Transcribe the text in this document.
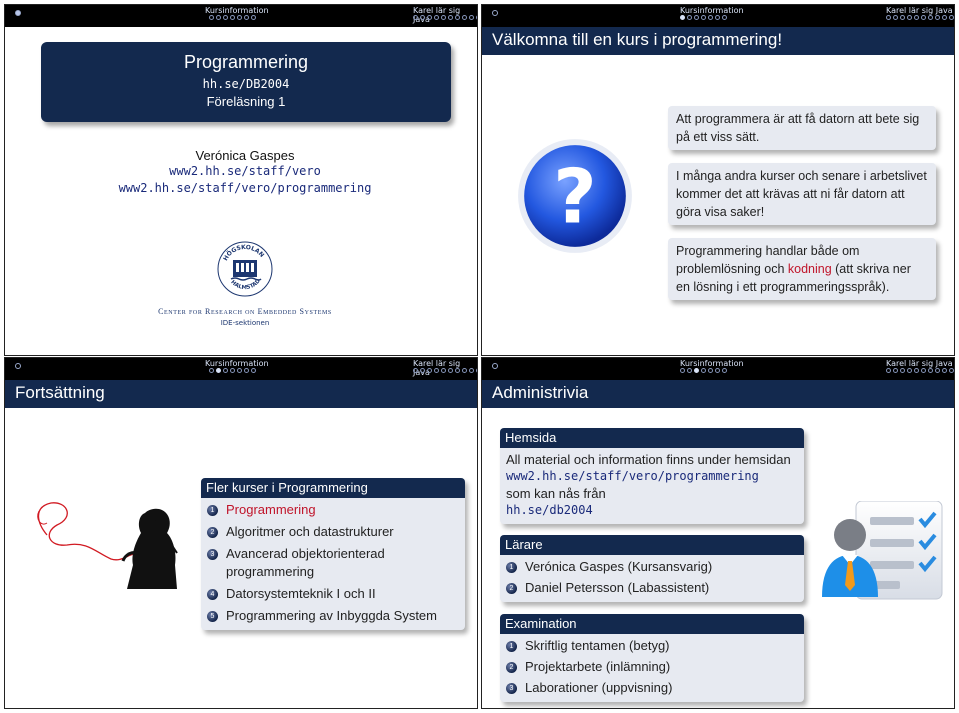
Kursinformation	Karel lär sig Java
Programmering
hh.se/DB2004
Föreläsning 1
Verónica Gaspes
www2.hh.se/staff/vero
www2.hh.se/staff/vero/programmering
HÖGSKOLAN
HALMSTAD
Center for Research on Embedded Systems
IDE-sektionen
Kursinformation	Karel lär sig Java
Välkomna till en kurs i programmering!
?
Att programmera är att få datorn att bete sig på ett viss sätt.
I många andra kurser och senare i arbetslivet kommer det att krävas att ni får datorn att göra visa saker!
Programmering handlar både om problemlösning och kodning (att skriva ner en lösning i ett programmeringsspråk).
Kursinformation	Karel lär sig Java
Fortsättning
Fler kurser i Programmering
1 Programmering
2 Algoritmer och datastrukturer
3 Avancerad objektorienterad programmering
4 Datorsystemteknik I och II
5 Programmering av Inbyggda System
Kursinformation	Karel lär sig Java
Administrivia
Hemsida
All material och information finns under hemsidan
www2.hh.se/staff/vero/programmering
som kan nås från
hh.se/db2004
Lärare
1 Verónica Gaspes (Kursansvarig)
2 Daniel Petersson (Labassistent)
Examination
1 Skriftlig tentamen (betyg)
2 Projektarbete (inlämning)
3 Laborationer (uppvisning)
